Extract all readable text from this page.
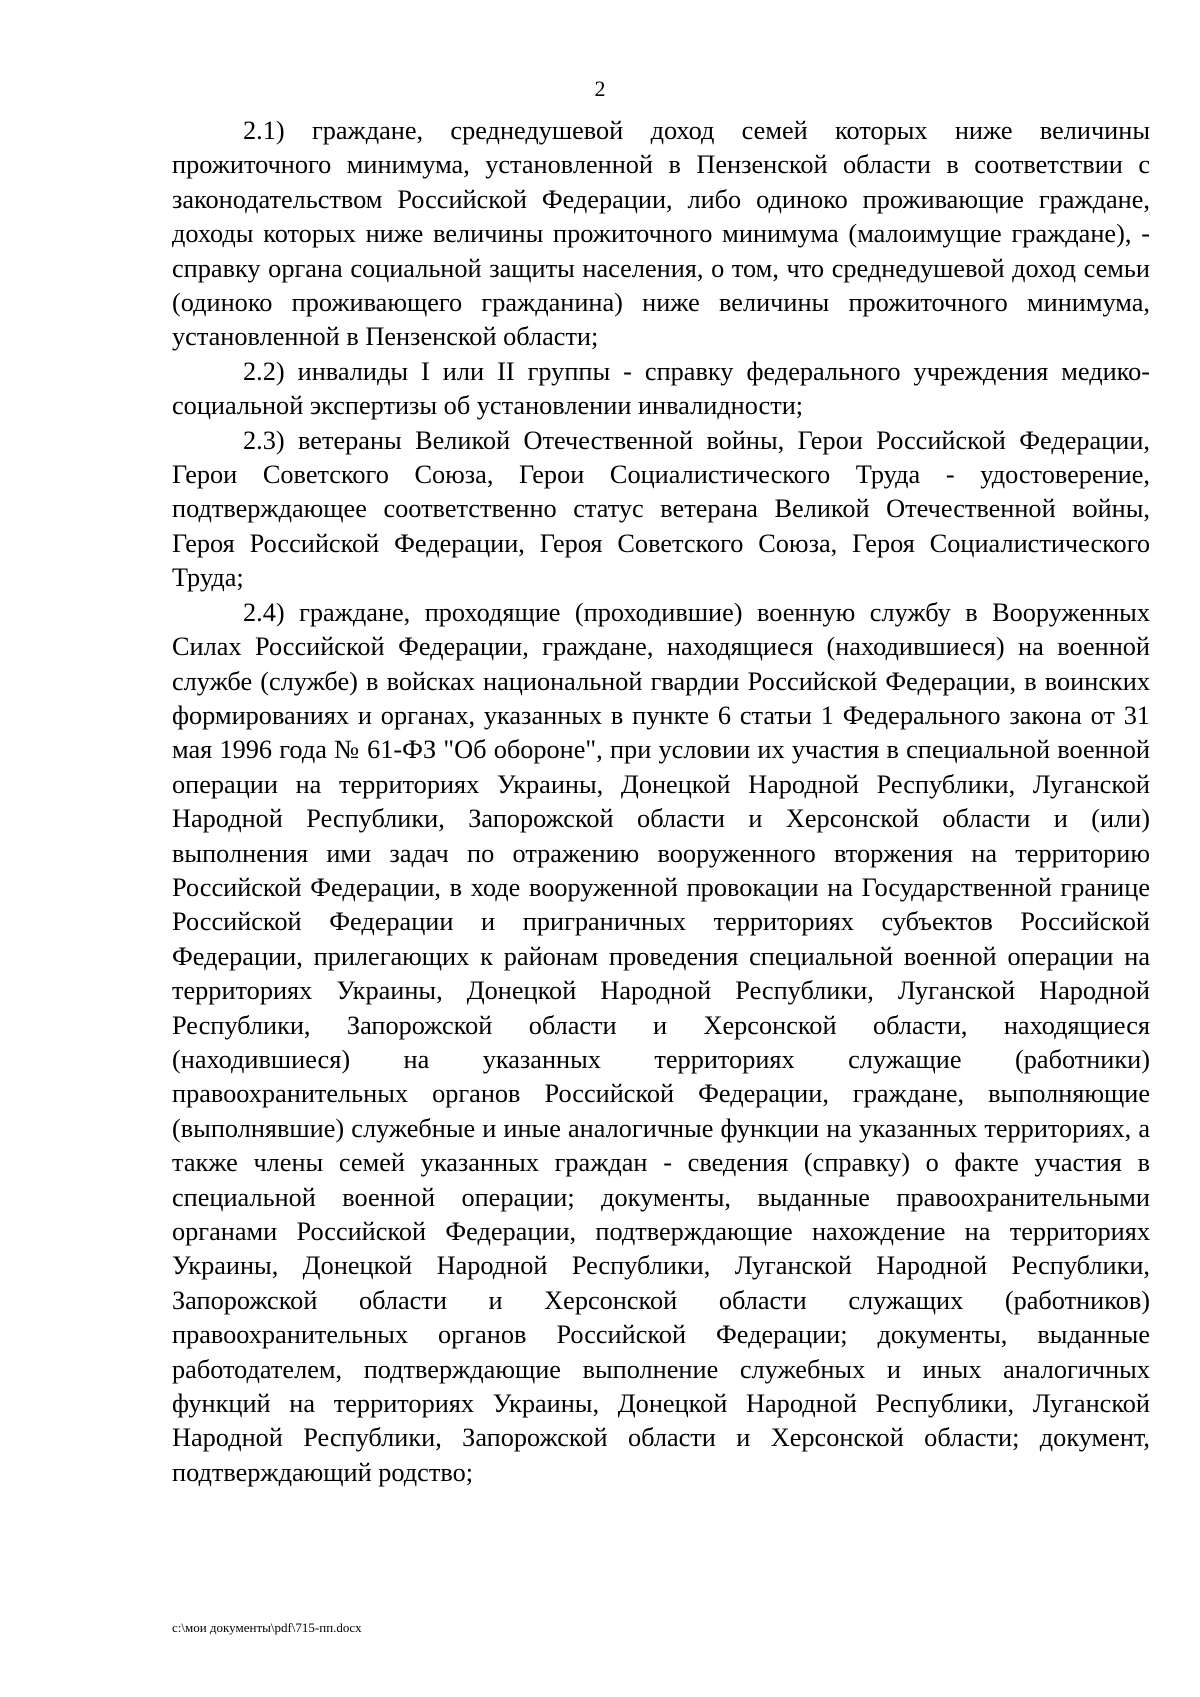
2

2.1) граждане, среднедушевой доход семей которых ниже величины прожиточного минимума, установленной в Пензенской области в соответствии с законодательством Российской Федерации, либо одиноко проживающие граждане, доходы которых ниже величины прожиточного минимума (малоимущие граждане), - справку органа социальной защиты населения, о том, что среднедушевой доход семьи (одиноко проживающего гражданина) ниже величины прожиточного минимума, установленной в Пензенской области;

2.2) инвалиды I или II группы - справку федерального учреждения медико-социальной экспертизы об установлении инвалидности;

2.3) ветераны Великой Отечественной войны, Герои Российской Федерации, Герои Советского Союза, Герои Социалистического Труда - удостоверение, подтверждающее соответственно статус ветерана Великой Отечественной войны, Героя Российской Федерации, Героя Советского Союза, Героя Социалистического Труда;

2.4) граждане, проходящие (проходившие) военную службу в Вооруженных Силах Российской Федерации, граждане, находящиеся (находившиеся) на военной службе (службе) в войсках национальной гвардии Российской Федерации, в воинских формированиях и органах, указанных в пункте 6 статьи 1 Федерального закона от 31 мая 1996 года № 61-ФЗ "Об обороне", при условии их участия в специальной военной операции на территориях Украины, Донецкой Народной Республики, Луганской Народной Республики, Запорожской области и Херсонской области и (или) выполнения ими задач по отражению вооруженного вторжения на территорию Российской Федерации, в ходе вооруженной провокации на Государственной границе Российской Федерации и приграничных территориях субъектов Российской Федерации, прилегающих к районам проведения специальной военной операции на территориях Украины, Донецкой Народной Республики, Луганской Народной Республики, Запорожской области и Херсонской области, находящиеся (находившиеся) на указанных территориях служащие (работники) правоохранительных органов Российской Федерации, граждане, выполняющие (выполнявшие) служебные и иные аналогичные функции на указанных территориях, а также члены семей указанных граждан - сведения (справку) о факте участия в специальной военной операции; документы, выданные правоохранительными органами Российской Федерации, подтверждающие нахождение на территориях Украины, Донецкой Народной Республики, Луганской Народной Республики, Запорожской области и Херсонской области служащих (работников) правоохранительных органов Российской Федерации; документы, выданные работодателем, подтверждающие выполнение служебных и иных аналогичных функций на территориях Украины, Донецкой Народной Республики, Луганской Народной Республики, Запорожской области и Херсонской области; документ, подтверждающий родство;

c:\мои документы\pdf\715-пп.docx
